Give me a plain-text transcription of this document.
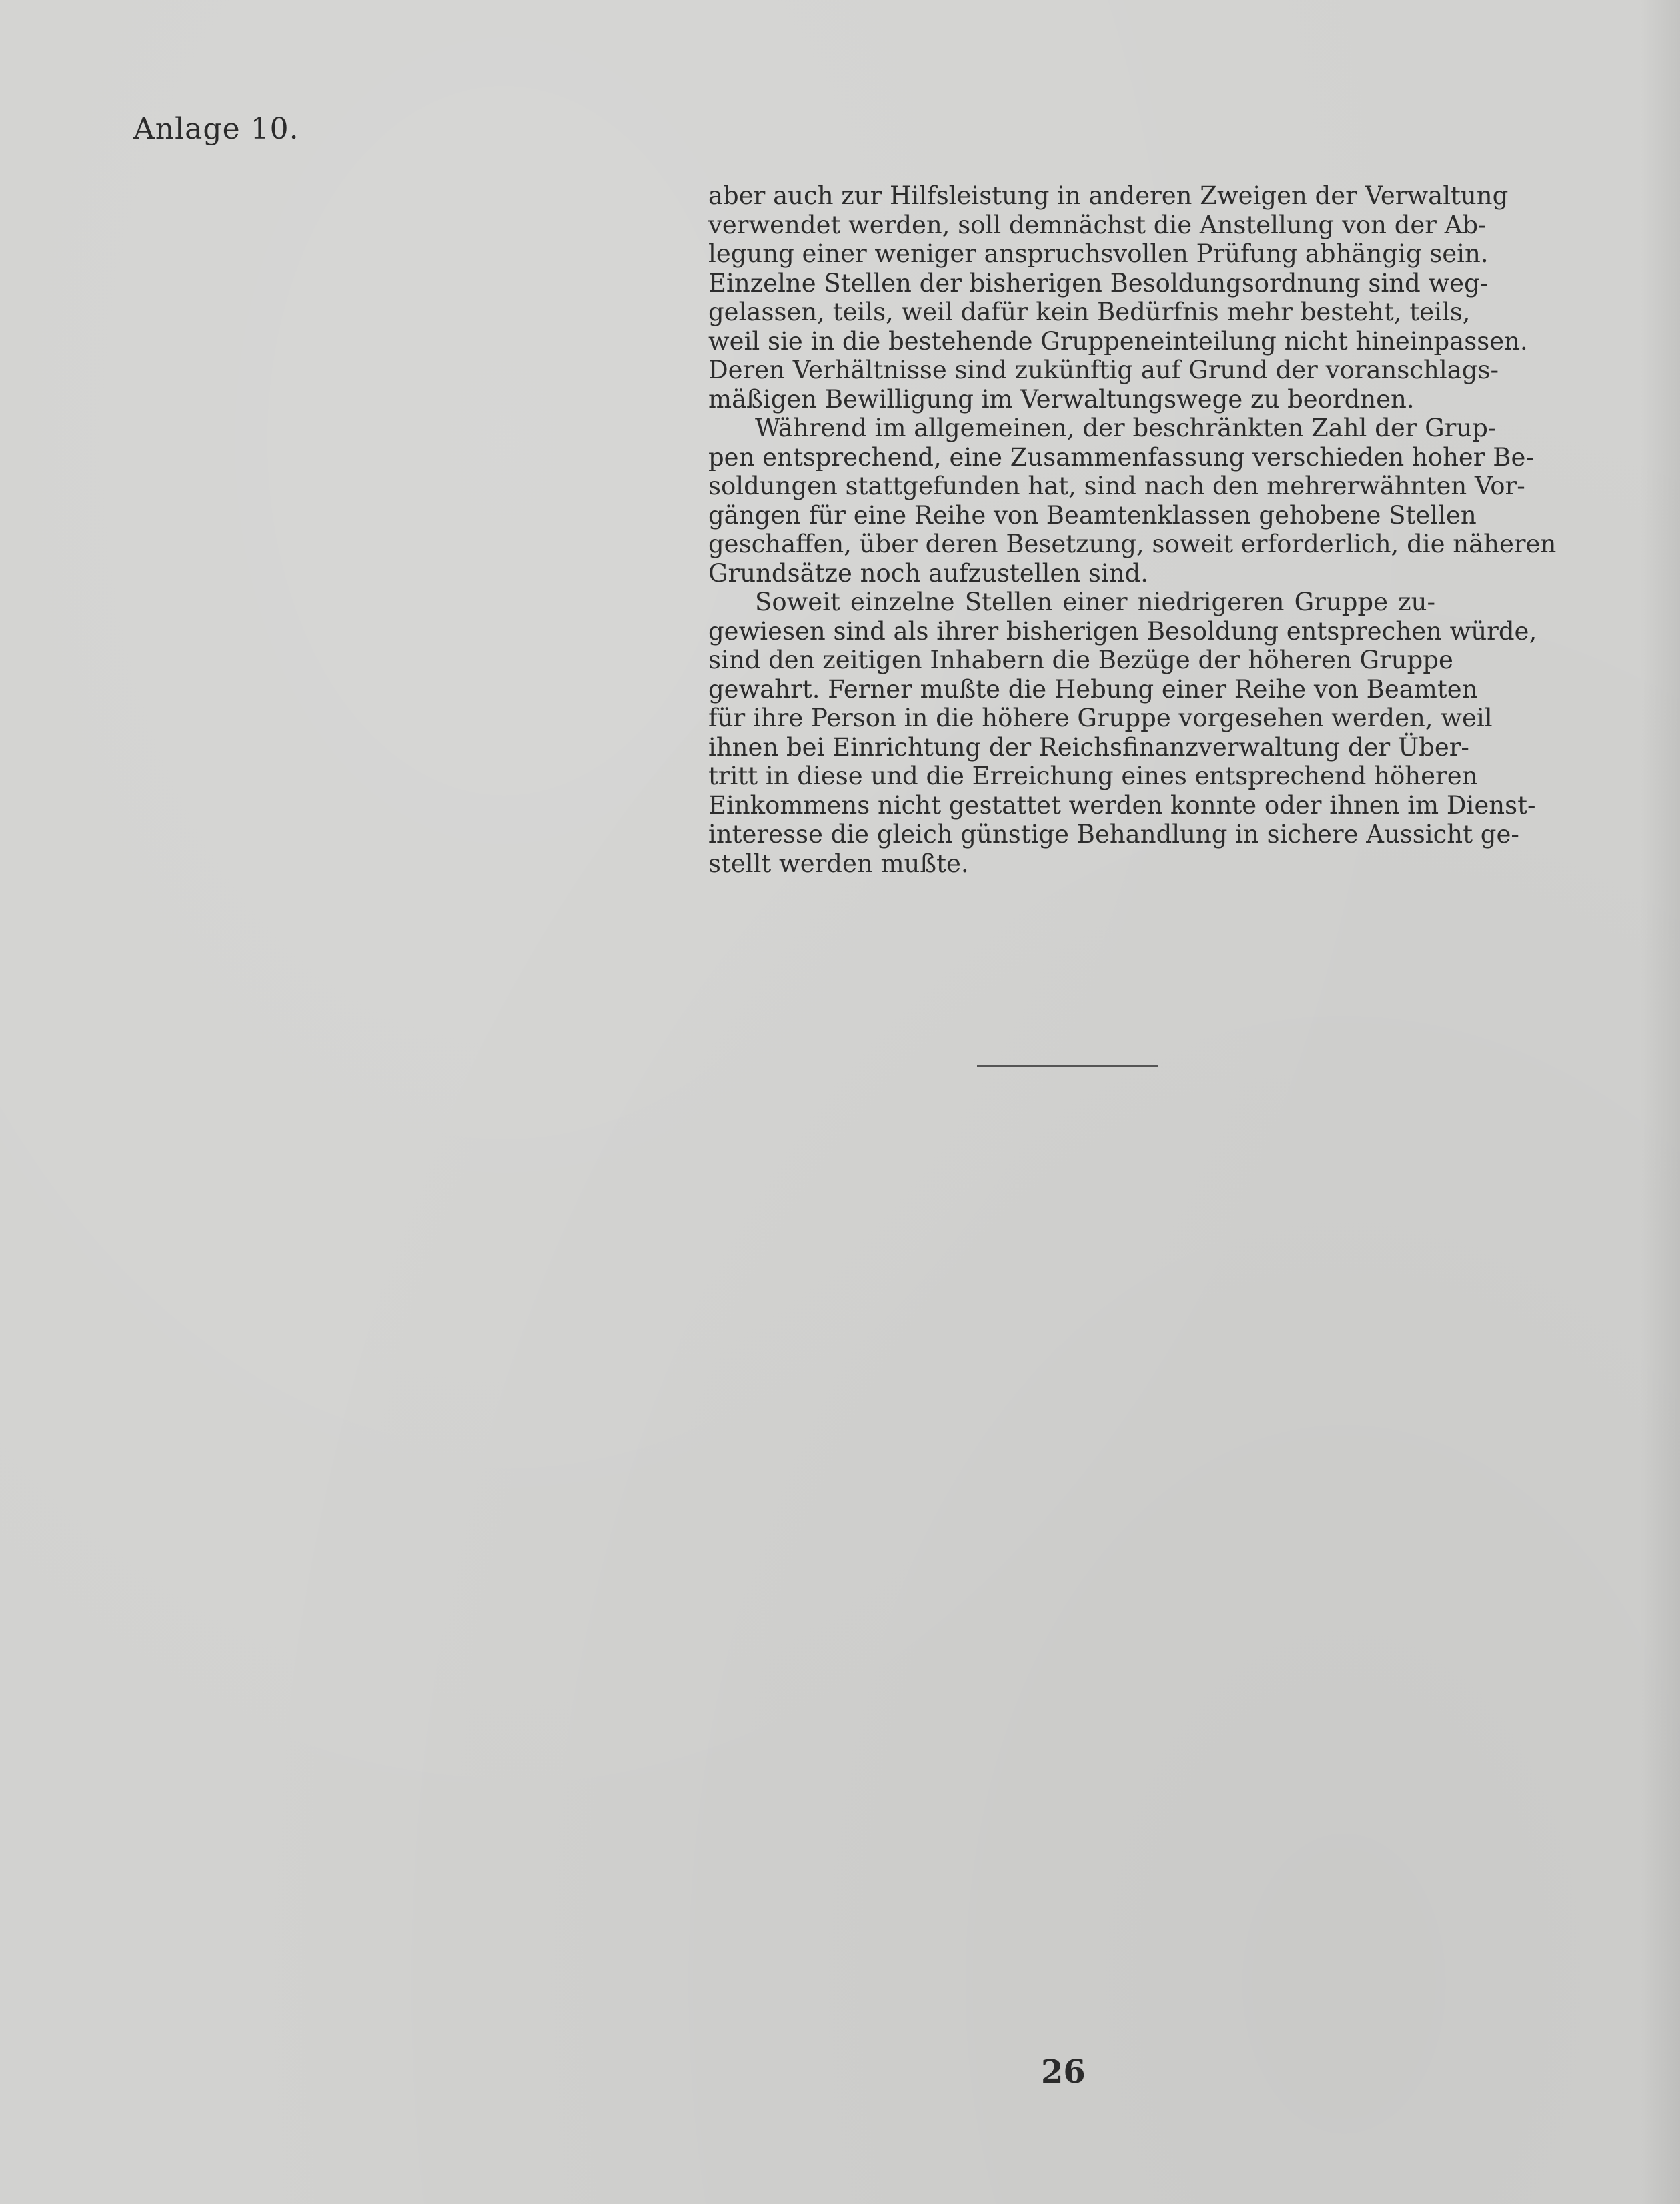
Anlage 10.
aber auch zur Hilfsleistung in anderen Zweigen der Verwaltung
verwendet werden, soll demnächst die Anstellung von der Ab-
legung einer weniger anspruchsvollen Prüfung abhängig sein.
Einzelne Stellen der bisherigen Besoldungsordnung sind weg-
gelassen, teils, weil dafür kein Bedürfnis mehr besteht, teils,
weil sie in die bestehende Gruppeneinteilung nicht hineinpassen.
Deren Verhältnisse sind zukünftig auf Grund der voranschlags-
mäßigen Bewilligung im Verwaltungswege zu beordnen.
Während im allgemeinen, der beschränkten Zahl der Grup-
pen entsprechend, eine Zusammenfassung verschieden hoher Be-
soldungen stattgefunden hat, sind nach den mehrerwähnten Vor-
gängen für eine Reihe von Beamtenklassen gehobene Stellen
geschaffen, über deren Besetzung, soweit erforderlich, die näheren
Grundsätze noch aufzustellen sind.
Soweit einzelne Stellen einer niedrigeren Gruppe zu-
gewiesen sind als ihrer bisherigen Besoldung entsprechen würde,
sind den zeitigen Inhabern die Bezüge der höheren Gruppe
gewahrt. Ferner mußte die Hebung einer Reihe von Beamten
für ihre Person in die höhere Gruppe vorgesehen werden, weil
ihnen bei Einrichtung der Reichsfinanzverwaltung der Über-
tritt in diese und die Erreichung eines entsprechend höheren
Einkommens nicht gestattet werden konnte oder ihnen im Dienst-
interesse die gleich günstige Behandlung in sichere Aussicht ge-
stellt werden mußte.
26
